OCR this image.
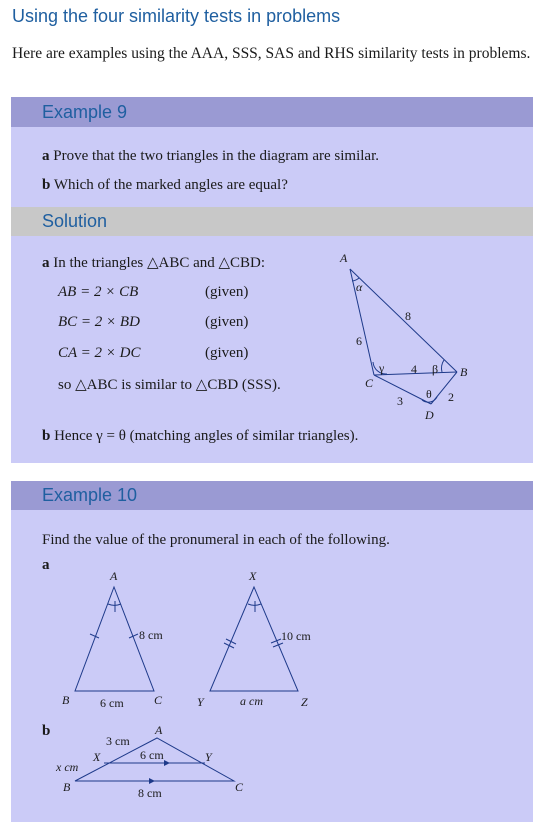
Using the four similarity tests in problems
Here are examples using the AAA, SSS, SAS and RHS similarity tests in problems.
Example 9
a Prove that the two triangles in the diagram are similar.
b Which of the marked angles are equal?
Solution
a In the triangles △ABC and △CBD:
AB = 2 × CB	(given)
BC = 2 × BD	(given)
CA = 2 × DC	(given)
so △ABC is similar to △CBD (SSS).
b Hence γ = θ (matching angles of similar triangles).
A
B
C
D
α
γ	β
θ
6
8
4
3	2
Example 10
Find the value of the pronumeral in each of the following.
a
b
A
B	C
X
Y	Z
a cm
8 cm
6 cm
10 cm
A
B	C
X	Y
x cm
3 cm
6 cm
8 cm
